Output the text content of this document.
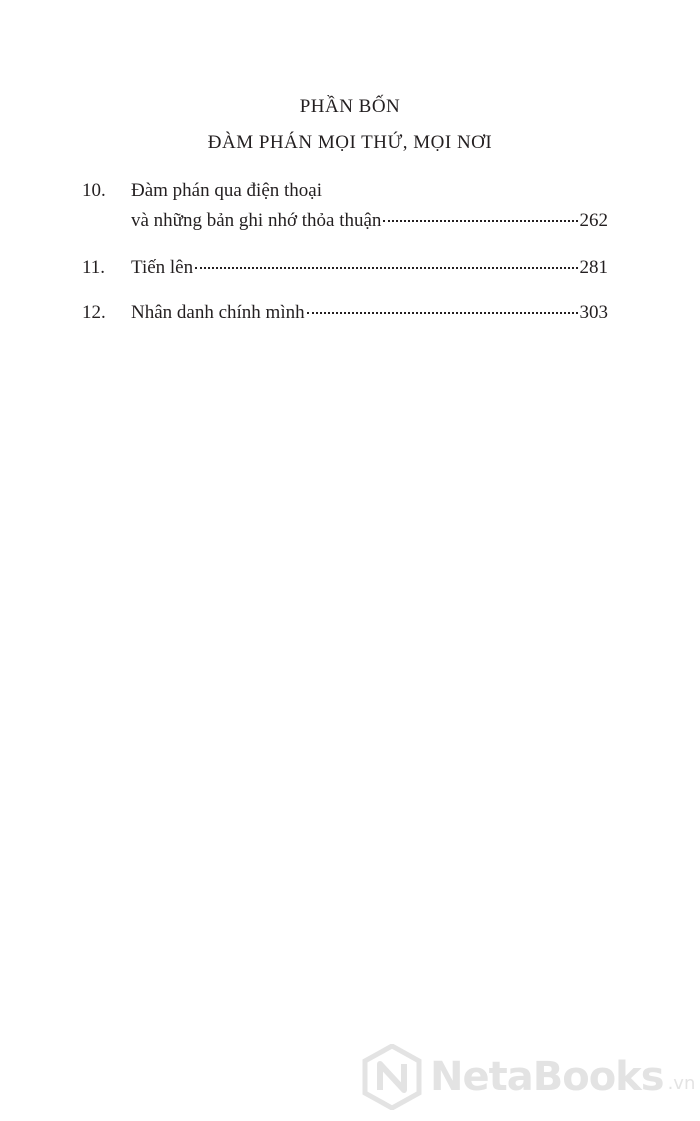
PHẦN BỐN
ĐÀM PHÁN MỌI THỨ, MỌI NƠI
10.	Đàm phán qua điện thoại
và những bản ghi nhớ thỏa thuận	262
11.	Tiến lên	281
12.	Nhân danh chính mình	303
NetaBooks .vn
